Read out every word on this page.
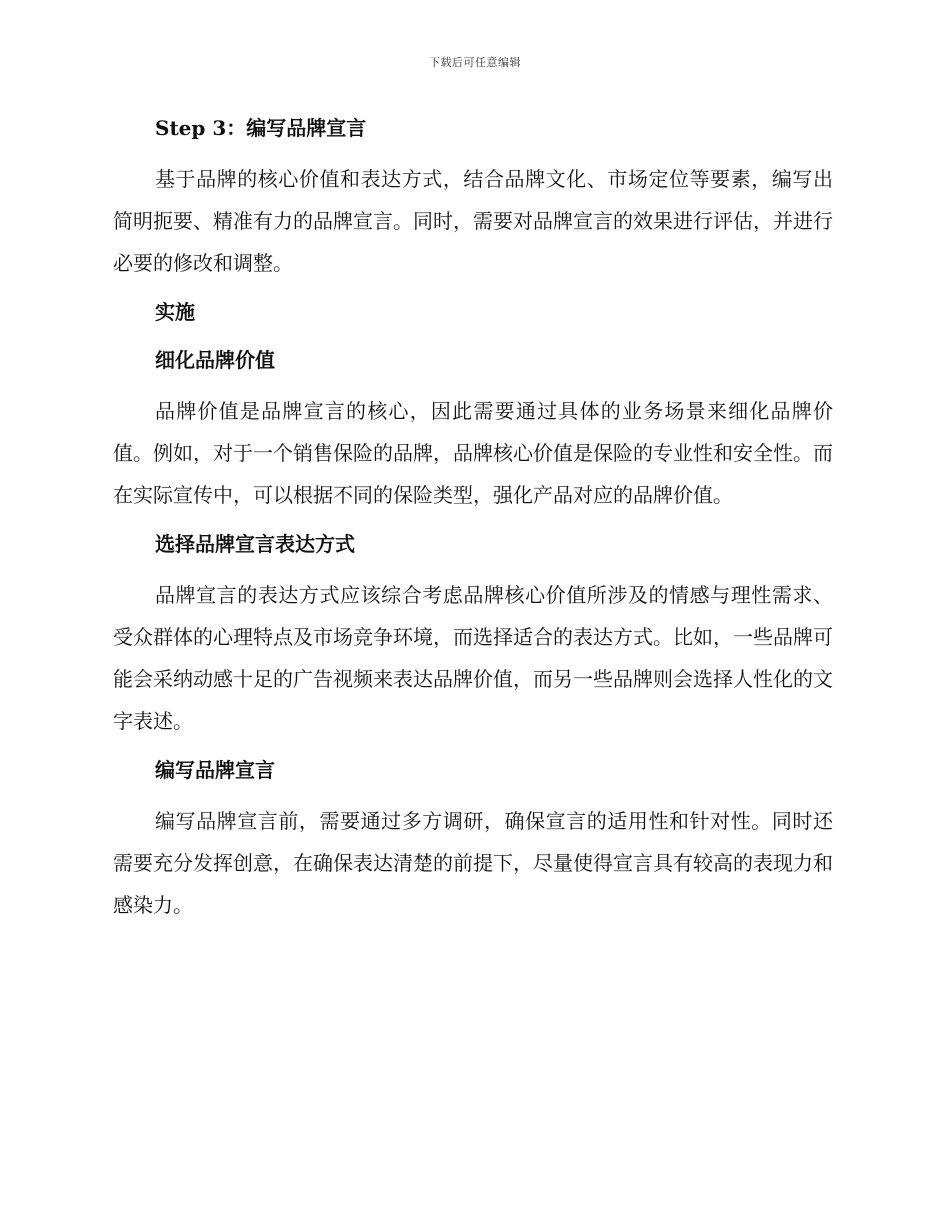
下载后可任意编辑
Step 3：编写品牌宣言

基于品牌的核心价值和表达方式，结合品牌文化、市场定位等要素，编写出简明扼要、精准有力的品牌宣言。同时，需要对品牌宣言的效果进行评估，并进行必要的修改和调整。

实施
细化品牌价值

品牌价值是品牌宣言的核心，因此需要通过具体的业务场景来细化品牌价值。例如，对于一个销售保险的品牌，品牌核心价值是保险的专业性和安全性。而在实际宣传中，可以根据不同的保险类型，强化产品对应的品牌价值。

选择品牌宣言表达方式

品牌宣言的表达方式应该综合考虑品牌核心价值所涉及的情感与理性需求、受众群体的心理特点及市场竞争环境，而选择适合的表达方式。比如，一些品牌可能会采纳动感十足的广告视频来表达品牌价值，而另一些品牌则会选择人性化的文字表述。

编写品牌宣言

编写品牌宣言前，需要通过多方调研，确保宣言的适用性和针对性。同时还需要充分发挥创意，在确保表达清楚的前提下，尽量使得宣言具有较高的表现力和感染力。
